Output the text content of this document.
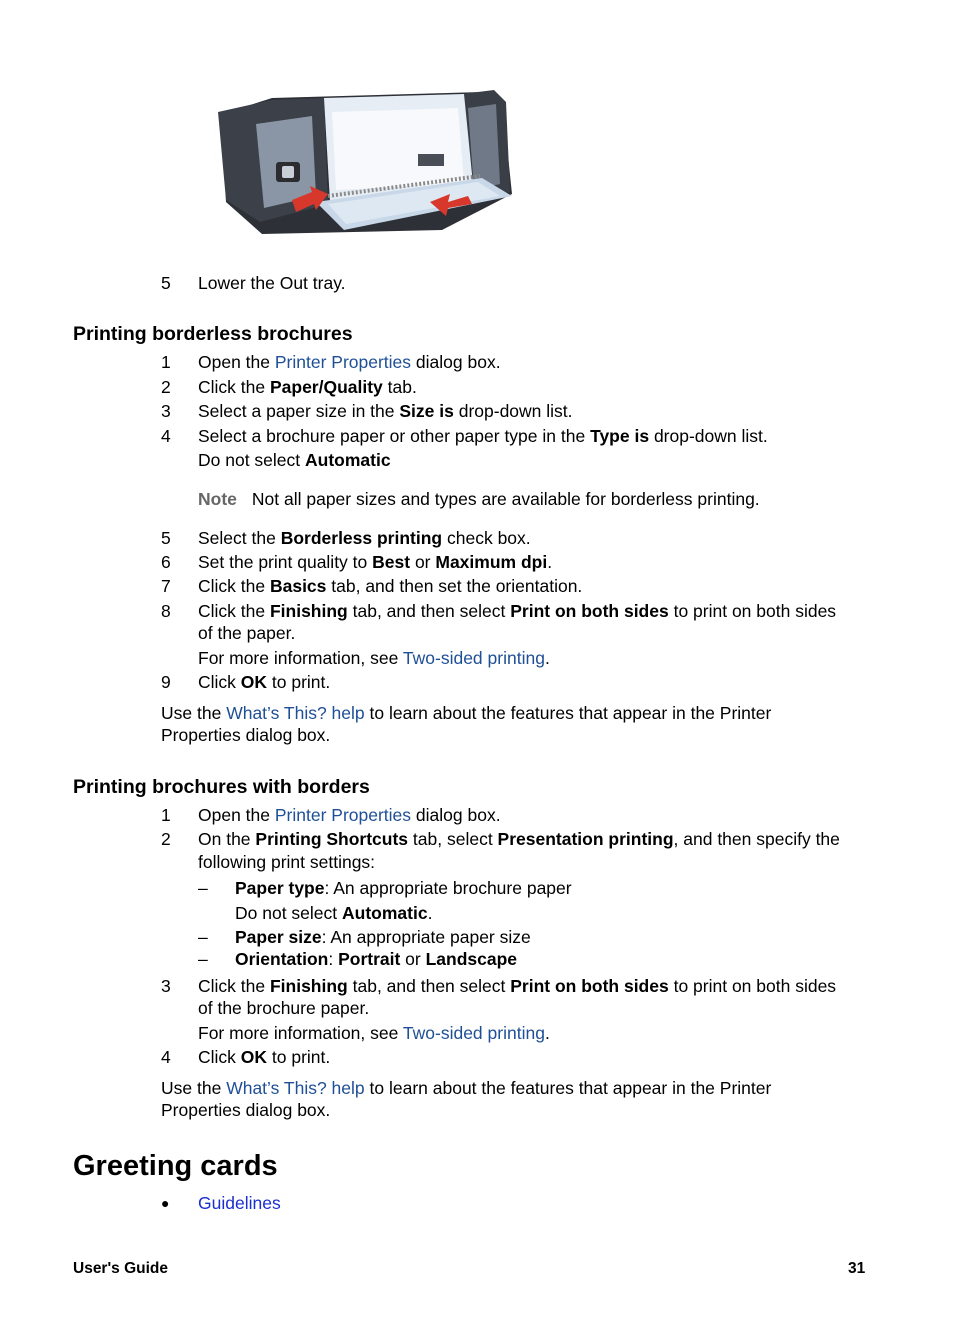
5 Lower the Out tray.
Printing borderless brochures
1 Open the Printer Properties dialog box.
2 Click the Paper/Quality tab.
3 Select a paper size in the Size is drop-down list.
4 Select a brochure paper or other paper type in the Type is drop-down list.
Do not select Automatic
Note Not all paper sizes and types are available for borderless printing.
5 Select the Borderless printing check box.
6 Set the print quality to Best or Maximum dpi.
7 Click the Basics tab, and then set the orientation.
8 Click the Finishing tab, and then select Print on both sides to print on both sides
of the paper.
For more information, see Two-sided printing.
9 Click OK to print.
Use the What’s This? help to learn about the features that appear in the Printer
Properties dialog box.
Printing brochures with borders
1 Open the Printer Properties dialog box.
2 On the Printing Shortcuts tab, select Presentation printing, and then specify the
following print settings:
– Paper type: An appropriate brochure paper
Do not select Automatic.
– Paper size: An appropriate paper size
– Orientation: Portrait or Landscape
3 Click the Finishing tab, and then select Print on both sides to print on both sides
of the brochure paper.
For more information, see Two-sided printing.
4 Click OK to print.
Use the What’s This? help to learn about the features that appear in the Printer
Properties dialog box.
Greeting cards
● Guidelines
User's Guide	31
